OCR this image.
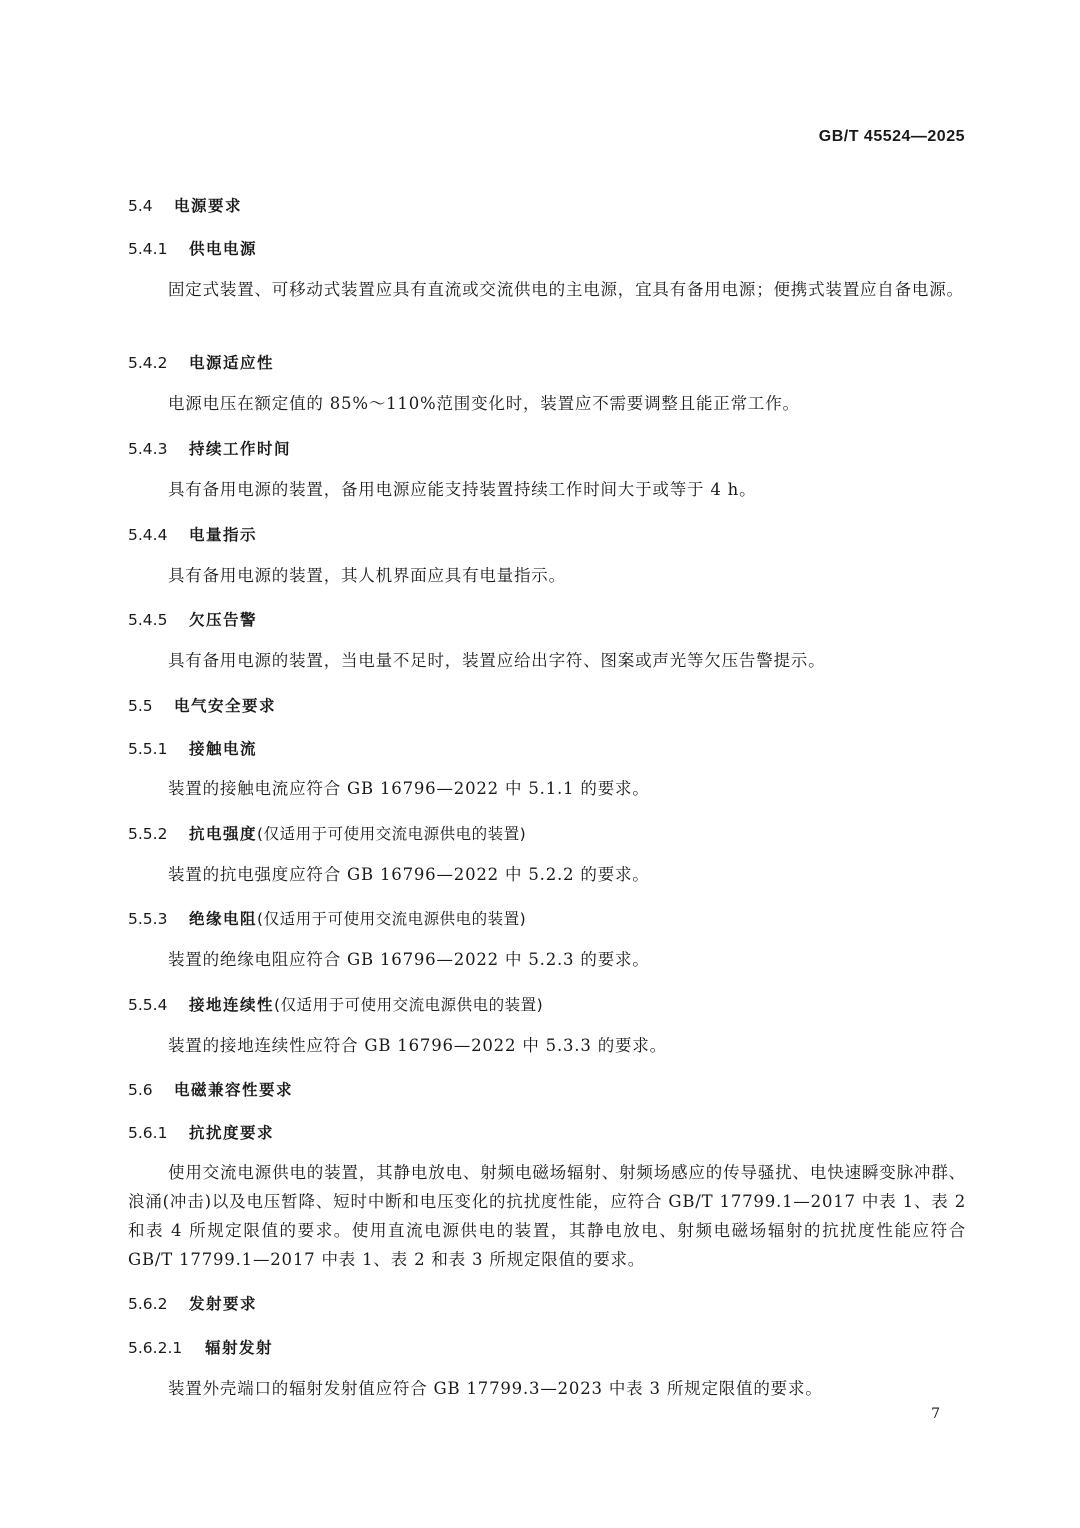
GB/T 45524—2025
5.4 电源要求
5.4.1 供电电源

固定式装置、可移动式装置应具有直流或交流供电的主电源，宜具有备用电源；便携式装置应自备电源。

5.4.2 电源适应性

电源电压在额定值的 85%～110%范围变化时，装置应不需要调整且能正常工作。

5.4.3 持续工作时间

具有备用电源的装置，备用电源应能支持装置持续工作时间大于或等于 4 h。

5.4.4 电量指示

具有备用电源的装置，其人机界面应具有电量指示。

5.4.5 欠压告警

具有备用电源的装置，当电量不足时，装置应给出字符、图案或声光等欠压告警提示。

5.5 电气安全要求
5.5.1 接触电流

装置的接触电流应符合 GB 16796—2022 中 5.1.1 的要求。

5.5.2 抗电强度(仅适用于可使用交流电源供电的装置)

装置的抗电强度应符合 GB 16796—2022 中 5.2.2 的要求。

5.5.3 绝缘电阻(仅适用于可使用交流电源供电的装置)

装置的绝缘电阻应符合 GB 16796—2022 中 5.2.3 的要求。

5.5.4 接地连续性(仅适用于可使用交流电源供电的装置)

装置的接地连续性应符合 GB 16796—2022 中 5.3.3 的要求。

5.6 电磁兼容性要求
5.6.1 抗扰度要求

使用交流电源供电的装置，其静电放电、射频电磁场辐射、射频场感应的传导骚扰、电快速瞬变脉冲群、浪涌(冲击)以及电压暂降、短时中断和电压变化的抗扰度性能，应符合 GB/T 17799.1—2017 中表 1、表 2 和表 4 所规定限值的要求。使用直流电源供电的装置，其静电放电、射频电磁场辐射的抗扰度性能应符合 GB/T 17799.1—2017 中表 1、表 2 和表 3 所规定限值的要求。

5.6.2 发射要求
5.6.2.1 辐射发射

装置外壳端口的辐射发射值应符合 GB 17799.3—2023 中表 3 所规定限值的要求。

7
